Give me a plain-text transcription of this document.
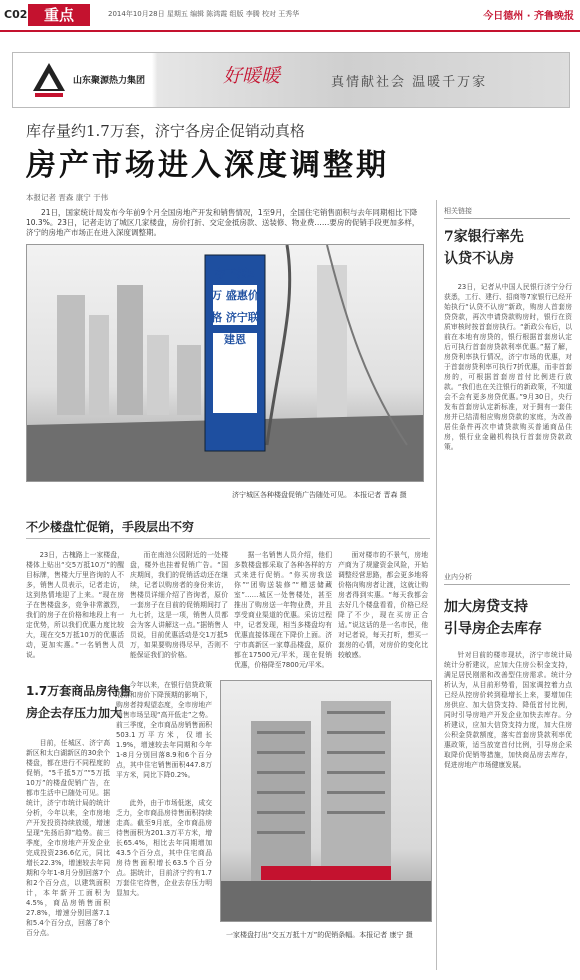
C02	重点	2014年10月28日 星期五 编辑 陈鸿霞 组版 李腾 校对 王秀华	今日德州 · 齐鲁晚报
山东聚源热力集团	好暖暖	真情献社会 温暖千万家
库存量约1.7万套，济宁各房企促销动真格
房产市场进入深度调整期
本报记者 晋森 康宁 于伟
21日，国家统计局发布今年前9个月全国房地产开发和销售情况，1至9月，全国住宅销售面积与去年同期相比下降10.3%。23日，记者走访了城区几家楼盘，房价打折、交定金抵房款、送装修、物业费……要房的促销手段更加多样，济宁的房地产市场正在进入深度调整期。
存下抵5万 盛惠价格 济宁联建恩
济宁城区各种楼盘促销广告随处可见。 本报记者 晋森 摄
不少楼盘忙促销，手段层出不穷
23日，古槐路上一家楼盘，楼体上贴出“交5万抵10万”的醒目标牌，售楼大厅里咨询的人不多，销售人员表示，记者走访，这到热情地迎了上来。“现在房子在售楼盘多，竞争非常激烈，我们的房子在价格和地段上有一定优势，所以我们优惠力度比较大，现在交5万抵10万的优惠活动，更加实惠。”一名销售人员说。
而在南池公园附近的一处楼盘，楼外也挂着促销广告。“国庆期间，我们的促销活动还在继续，记者以购房者的身份来访，售楼员详细介绍了咨询者，原价一套房子在目前的促销期间打了九七折，这是一项，销售人员都会为客人讲解这一点。”据销售人员说，目前优惠活动是交1万抵5万，如果要购房得尽早，否则不能保证我们的价格。
据一名销售人员介绍，他们多数楼盘都采取了各种各样的方式来进行促销。“你买房我送你”“团购送装修”“赠送储藏室”……城区一处售楼处，甚至推出了购房送一年物业费，并且享受商业渠道的优惠。采访过程中，记者发现，相当多楼盘均有优惠直接体现在下降价上面。济宁市高新区一家尊品楼盘，原价都在17500元/平米，现在促销优惠，价格降至7800元/平米。
面对楼市的不景气，房地产商为了规避资金风险，开始调整经营思路，都会更多地将价格向购房者让渡，这就让购房者得到实惠。“每天我都会去好几个楼盘看看，价格已经降了不少，现在买房正合适。”说这话的是一名市民，他对记者说，每天打听，想买一套房的心情，对房价的变化比较敏感。
1.7万套商品房待售
房企去存压力加大
目前，任城区、济宁高新区和太白湖新区的30余个楼盘，都在进行不同程度的促销，“5千抵5万”“5万抵10万”的楼盘促销广告，在都市生活中已随处可见。据统计，济宁市统计局的统计分析，今年以来，全市房地产开发投资持续放缓，增速呈现“先扬后抑”趋势。前三季度，全市房地产开发企业完成投资236.6亿元，同比增长22.3%，增速较去年同期和今年1-8月分别回落7个和2个百分点，以建筑面积计，本年新开工面积为4.5%，商品房销售面积27.8%，增速分别回落7.1和5.4个百分点，回落了8个百分点。
今年以来，在银行信贷政策收紧和房价下降预期的影响下，购房者持观望态度，全市房地产销售市场呈现“高开低走”之势。前三季度，全市商品房销售面积503.1万平方米，仅增长1.9%，增速较去年同期和今年1-8月分别回落8.9和6个百分点，其中住宅销售面积447.8万平方米，同比下降0.2%。
此外，由于市场低迷，成交乏力，全市商品房待售面积持续走高。截至9月底，全市商品房待售面积为201.3万平方米，增长65.4%，相比去年同期增加43.5个百分点，其中住宅商品房待售面积增长63.5个百分点。据统计，目前济宁约有1.7万套住宅待售，企业去存压力明显加大。
一家楼盘打出“交五万抵十万”的促销条幅。本报记者 康宁 摄
相关链接
7家银行率先
认贷不认房
23日，记者从中国人民银行济宁分行获悉，工行、建行、招商等7家银行已经开始执行“认贷不认房”新政，购房人首套房贷贷款，再次申请贷款购房时，银行在资质审核时按首套房执行。“新政公布后，以前在本地有房贷的，银行根据首套房认定后可执行首套房贷款利率优惠。”据了解，房贷利率执行情况，济宁市场的优惠，对于首套房贷利率可执行7折优惠，而非首套房的，可根据首套房首付比例进行放款。“我们也在关注银行的新政策，不知道会不会有更多房贷优惠。”9月30日，央行发布首套房认定新标准，对于拥有一套住房并已结清相应购房贷款的家庭，为改善居住条件再次申请贷款购买普通商品住房，银行业金融机构执行首套房贷款政策。
业内分析
加大房贷支持
引导房企去库存
针对目前的楼市现状，济宁市统计局统计分析建议，应加大住房公积金支持，满足居民刚需和改善型住房需求。统计分析认为，从目前形势看，国家调控着力点已经从控房价转到稳增长上来，要增加住房供应、加大信贷支持、降低首付比例，同时引导房地产开发企业加快去库存。分析建议，应加大信贷支持力度，加大住房公积金贷款额度，落实首套房贷款利率优惠政策，适当放宽首付比例，引导房企采取降价促销等措施，加快商品房去库存，促进房地产市场健康发展。
